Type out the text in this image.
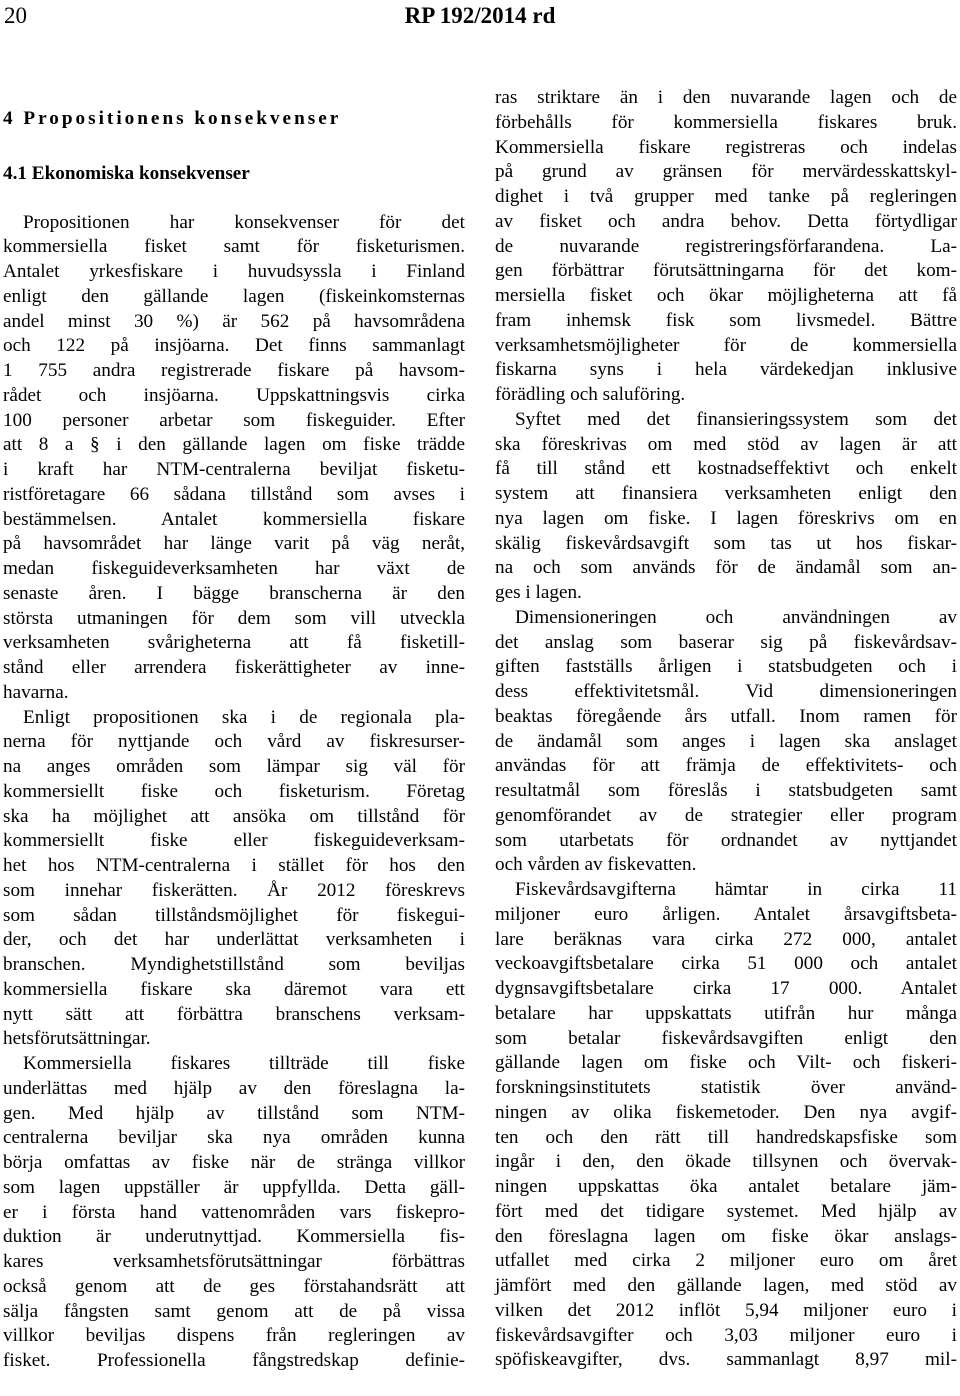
20	RP 192/2014 rd
4 Propositionens konsekvenser
4.1 Ekonomiska konsekvenser
Propositionen har konsekvenser för det
kommersiella fisket samt för fisketurismen.
Antalet yrkesfiskare i huvudsyssla i Finland
enligt den gällande lagen (fiskeinkomsternas
andel minst 30 %) är 562 på havsområdena
och 122 på insjöarna. Det finns sammanlagt
1 755 andra registrerade fiskare på havsom-
rådet och insjöarna. Uppskattningsvis cirka
100 personer arbetar som fiskeguider. Efter
att 8 a § i den gällande lagen om fiske trädde
i kraft har NTM-centralerna beviljat fisketu-
ristföretagare 66 sådana tillstånd som avses i
bestämmelsen. Antalet kommersiella fiskare
på havsområdet har länge varit på väg neråt,
medan fiskeguideverksamheten har växt de
senaste åren. I bägge branscherna är den
största utmaningen för dem som vill utveckla
verksamheten svårigheterna att få fisketill-
stånd eller arrendera fiskerättigheter av inne-
havarna.
Enligt propositionen ska i de regionala pla-
nerna för nyttjande och vård av fiskresurser-
na anges områden som lämpar sig väl för
kommersiellt fiske och fisketurism. Företag
ska ha möjlighet att ansöka om tillstånd för
kommersiellt fiske eller fiskeguideverksam-
het hos NTM-centralerna i stället för hos den
som innehar fiskerätten. År 2012 föreskrevs
som sådan tillståndsmöjlighet för fiskegui-
der, och det har underlättat verksamheten i
branschen. Myndighetstillstånd som beviljas
kommersiella fiskare ska däremot vara ett
nytt sätt att förbättra branschens verksam-
hetsförutsättningar.
Kommersiella fiskares tillträde till fiske
underlättas med hjälp av den föreslagna la-
gen. Med hjälp av tillstånd som NTM-
centralerna beviljar ska nya områden kunna
börja omfattas av fiske när de stränga villkor
som lagen uppställer är uppfyllda. Detta gäll-
er i första hand vattenområden vars fiskepro-
duktion är underutnyttjad. Kommersiella fis-
kares verksamhetsförutsättningar förbättras
också genom att de ges förstahandsrätt att
sälja fångsten samt genom att de på vissa
villkor beviljas dispens från regleringen av
fisket. Professionella fångstredskap definie-
ras striktare än i den nuvarande lagen och de
förbehålls för kommersiella fiskares bruk.
Kommersiella fiskare registreras och indelas
på grund av gränsen för mervärdesskattskyl-
dighet i två grupper med tanke på regleringen
av fisket och andra behov. Detta förtydligar
de nuvarande registreringsförfarandena. La-
gen förbättrar förutsättningarna för det kom-
mersiella fisket och ökar möjligheterna att få
fram inhemsk fisk som livsmedel. Bättre
verksamhetsmöjligheter för de kommersiella
fiskarna syns i hela värdekedjan inklusive
förädling och saluföring.
Syftet med det finansieringssystem som det
ska föreskrivas om med stöd av lagen är att
få till stånd ett kostnadseffektivt och enkelt
system att finansiera verksamheten enligt den
nya lagen om fiske. I lagen föreskrivs om en
skälig fiskevårdsavgift som tas ut hos fiskar-
na och som används för de ändamål som an-
ges i lagen.
Dimensioneringen och användningen av
det anslag som baserar sig på fiskevårdsav-
giften fastställs årligen i statsbudgeten och i
dess effektivitetsmål. Vid dimensioneringen
beaktas föregående års utfall. Inom ramen för
de ändamål som anges i lagen ska anslaget
användas för att främja de effektivitets- och
resultatmål som föreslås i statsbudgeten samt
genomförandet av de strategier eller program
som utarbetats för ordnandet av nyttjandet
och vården av fiskevatten.
Fiskevårdsavgifterna hämtar in cirka 11
miljoner euro årligen. Antalet årsavgiftsbeta-
lare beräknas vara cirka 272 000, antalet
veckoavgiftsbetalare cirka 51 000 och antalet
dygnsavgiftsbetalare cirka 17 000. Antalet
betalare har uppskattats utifrån hur många
som betalar fiskevårdsavgiften enligt den
gällande lagen om fiske och Vilt- och fiskeri-
forskningsinstitutets statistik över använd-
ningen av olika fiskemetoder. Den nya avgif-
ten och den rätt till handredskapsfiske som
ingår i den, den ökade tillsynen och övervak-
ningen uppskattas öka antalet betalare jäm-
fört med det tidigare systemet. Med hjälp av
den föreslagna lagen om fiske ökar anslags-
utfallet med cirka 2 miljoner euro om året
jämfört med den gällande lagen, med stöd av
vilken det 2012 inflöt 5,94 miljoner euro i
fiskevårdsavgifter och 3,03 miljoner euro i
spöfiskeavgifter, dvs. sammanlagt 8,97 mil-
